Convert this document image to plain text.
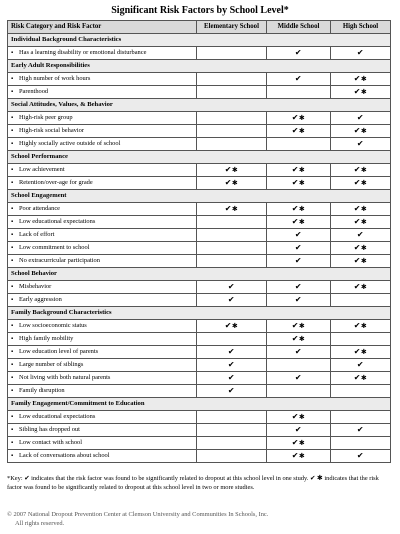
Significant Risk Factors by School Level*
Risk Category and Risk Factor	Elementary School	Middle School	High School
Individual Background Characteristics			
▪ Has a learning disability or emotional disturbance		✔	✔
Early Adult Responsibilities			
▪ High number of work hours		✔	✔✱
▪ Parenthood			✔✱
Social Attitudes, Values, & Behavior			
▪ High-risk peer group		✔✱	✔
▪ High-risk social behavior		✔✱	✔✱
▪ Highly socially active outside of school			✔
School Performance			
▪ Low achievement	✔✱	✔✱	✔✱
▪ Retention/over-age for grade	✔✱	✔✱	✔✱
School Engagement			
▪ Poor attendance	✔✱	✔✱	✔✱
▪ Low educational expectations		✔✱	✔✱
▪ Lack of effort		✔	✔
▪ Low commitment to school		✔	✔✱
▪ No extracurricular participation		✔	✔✱
School Behavior			
▪ Misbehavior	✔	✔	✔✱
▪ Early aggression	✔	✔	
Family Background Characteristics			
▪ Low socioeconomic status	✔✱	✔✱	✔✱
▪ High family mobility		✔✱	
▪ Low education level of parents	✔	✔	✔✱
▪ Large number of siblings	✔		✔
▪ Not living with both natural parents	✔	✔	✔✱
▪ Family disruption	✔		
Family Engagement/Commitment to Education			
▪ Low educational expectations		✔✱	
▪ Sibling has dropped out		✔	✔
▪ Low contact with school		✔✱	
▪ Lack of conversations about school		✔✱	✔
*Key: ✔ indicates that the risk factor was found to be significantly related to dropout at this school level in one study. ✔ ✱ indicates that the risk factor was found to be significantly related to dropout at this school level in two or more studies.
© 2007 National Dropout Prevention Center at Clemson University and Communities In Schools, Inc.
All rights reserved.
